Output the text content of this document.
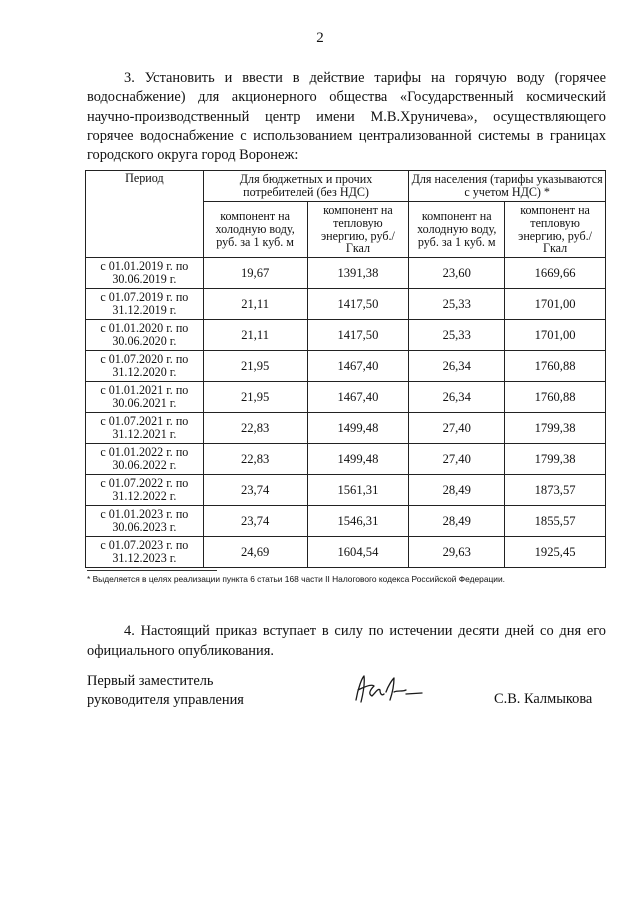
2

3. Установить и ввести в действие тарифы на горячую воду (горячее водоснабжение) для акционерного общества «Государственный космический научно-производственный центр имени М.В.Хруничева», осуществляющего горячее водоснабжение с использованием централизованной системы в границах городского округа город Воронеж:

Период	Для бюджетных и прочих потребителей (без НДС)		Для населения (тарифы указываются с учетом НДС) *	
	компонент на холодную воду, руб. за 1 куб. м	компонент на тепловую энергию, руб./Гкал	компонент на холодную воду, руб. за 1 куб. м	компонент на тепловую энергию, руб./Гкал
с 01.01.2019 г. по 30.06.2019 г.	19,67	1391,38	23,60	1669,66
с 01.07.2019 г. по 31.12.2019 г.	21,11	1417,50	25,33	1701,00
с 01.01.2020 г. по 30.06.2020 г.	21,11	1417,50	25,33	1701,00
с 01.07.2020 г. по 31.12.2020 г.	21,95	1467,40	26,34	1760,88
с 01.01.2021 г. по 30.06.2021 г.	21,95	1467,40	26,34	1760,88
с 01.07.2021 г. по 31.12.2021 г.	22,83	1499,48	27,40	1799,38
с 01.01.2022 г. по 30.06.2022 г.	22,83	1499,48	27,40	1799,38
с 01.07.2022 г. по 31.12.2022 г.	23,74	1561,31	28,49	1873,57
с 01.01.2023 г. по 30.06.2023 г.	23,74	1546,31	28,49	1855,57
с 01.07.2023 г. по 31.12.2023 г.	24,69	1604,54	29,63	1925,45
* Выделяется в целях реализации пункта 6 статьи 168 части II Налогового кодекса Российской Федерации.

4. Настоящий приказ вступает в силу по истечении десяти дней со дня его официального опубликования.

Первый заместитель
руководителя управления	С.В. Калмыкова
